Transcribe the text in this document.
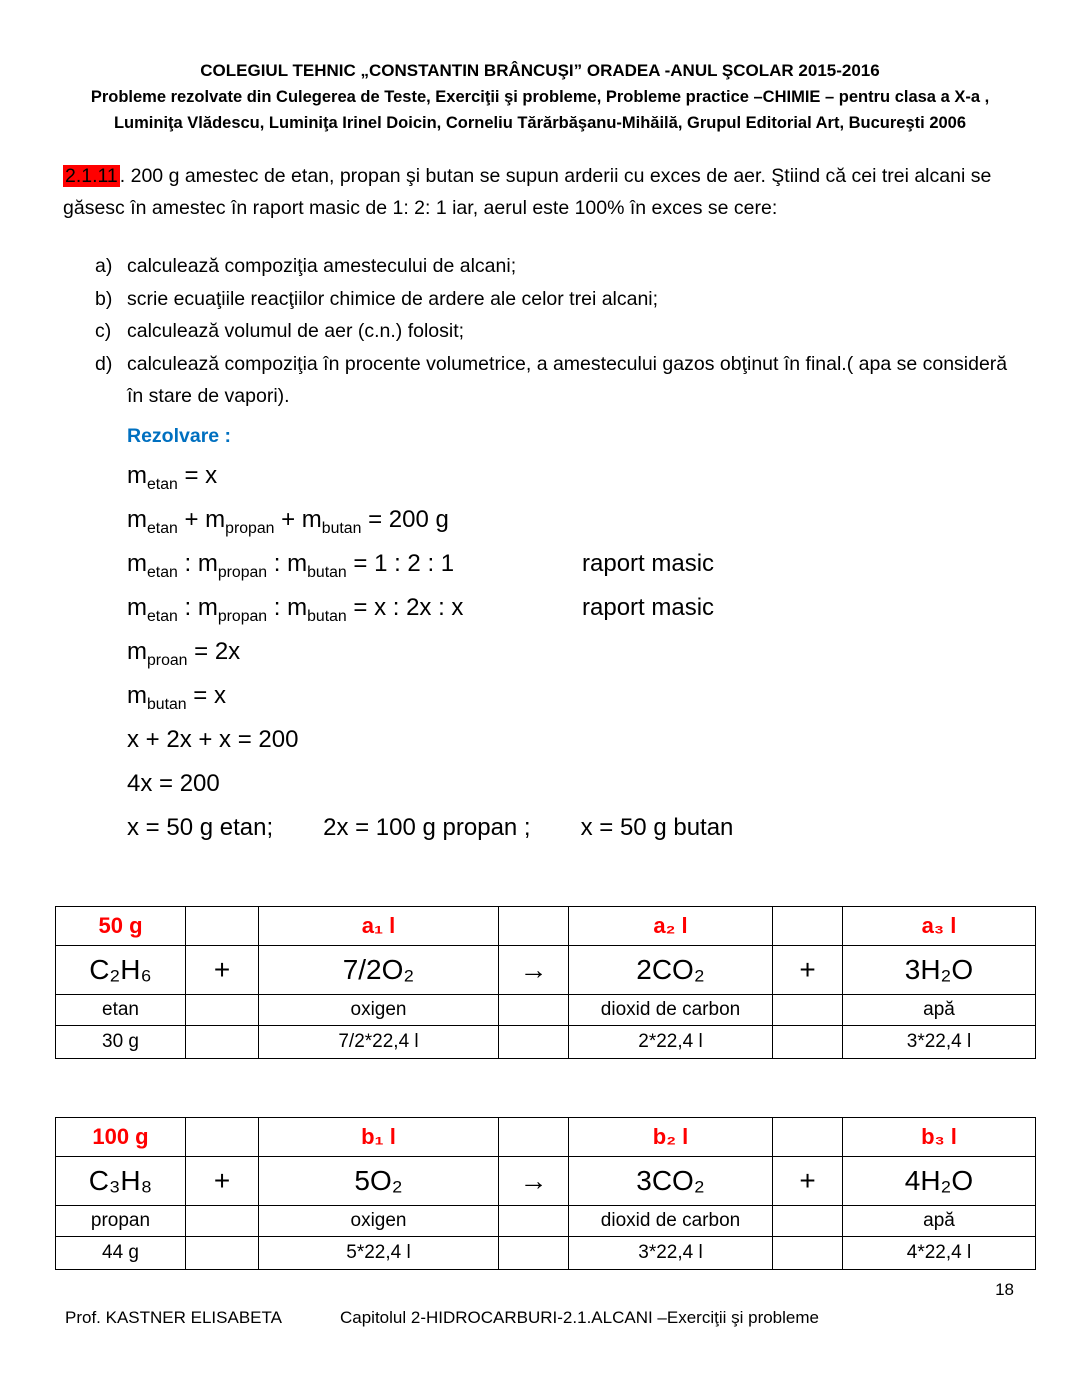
COLEGIUL TEHNIC „CONSTANTIN BRÂNCUŞI” ORADEA -ANUL ŞCOLAR 2015-2016
Probleme rezolvate din Culegerea de Teste, Exerciţii şi probleme, Probleme practice –CHIMIE – pentru clasa a X-a ,
Luminiţa Vlădescu, Luminiţa Irinel Doicin, Corneliu Tărărbăşanu-Mihăilă, Grupul Editorial Art, Bucureşti 2006
2.1.11 . 200 g amestec de etan, propan şi butan se supun arderii cu exces de aer. Ştiind că cei trei alcani se găsesc în amestec în raport masic de 1: 2: 1 iar, aerul este 100% în exces se cere:
a) calculează compoziţia amestecului de alcani;
b) scrie ecuaţiile reacţiilor chimice de ardere ale celor trei alcani;
c) calculează volumul de aer (c.n.) folosit;
d) calculează compoziţia în procente volumetrice, a amestecului gazos obţinut în final.( apa se consideră în stare de vapori).
Rezolvare :

$m_{etan} = x$

$m_{etan} + m_{propan} + m_{butan} = 200$ g

$m_{etan}$ : $m_{propan}$ : $m_{butan} = 1$ : 2 : 1	raport masic

$m_{etan}$ : $m_{propan}$ : $m_{butan} = x$ : 2x : x	raport masic

$m_{proan} = 2x$

$m_{butan} = x$

x + 2x + x = 200

4x = 200

x = 50 g etan; 2x = 100 g propan ; x = 50 g butan

50 g		a₁ l		a₂ l		a₃ l
C₂H₆	+	7/2O₂	→	2CO₂	+	3H₂O
etan		oxigen		dioxid de carbon		apă
30 g		7/2*22,4 l		2*22,4 l		3*22,4 l
100 g		b₁ l		b₂ l		b₃ l
C₃H₈	+	5O₂	→	3CO₂	+	4H₂O
propan		oxigen		dioxid de carbon		apă
44 g		5*22,4 l		3*22,4 l		4*22,4 l
18
Prof. KASTNER ELISABETA	Capitolul 2-HIDROCARBURI-2.1.ALCANI –Exerciţii şi probleme
